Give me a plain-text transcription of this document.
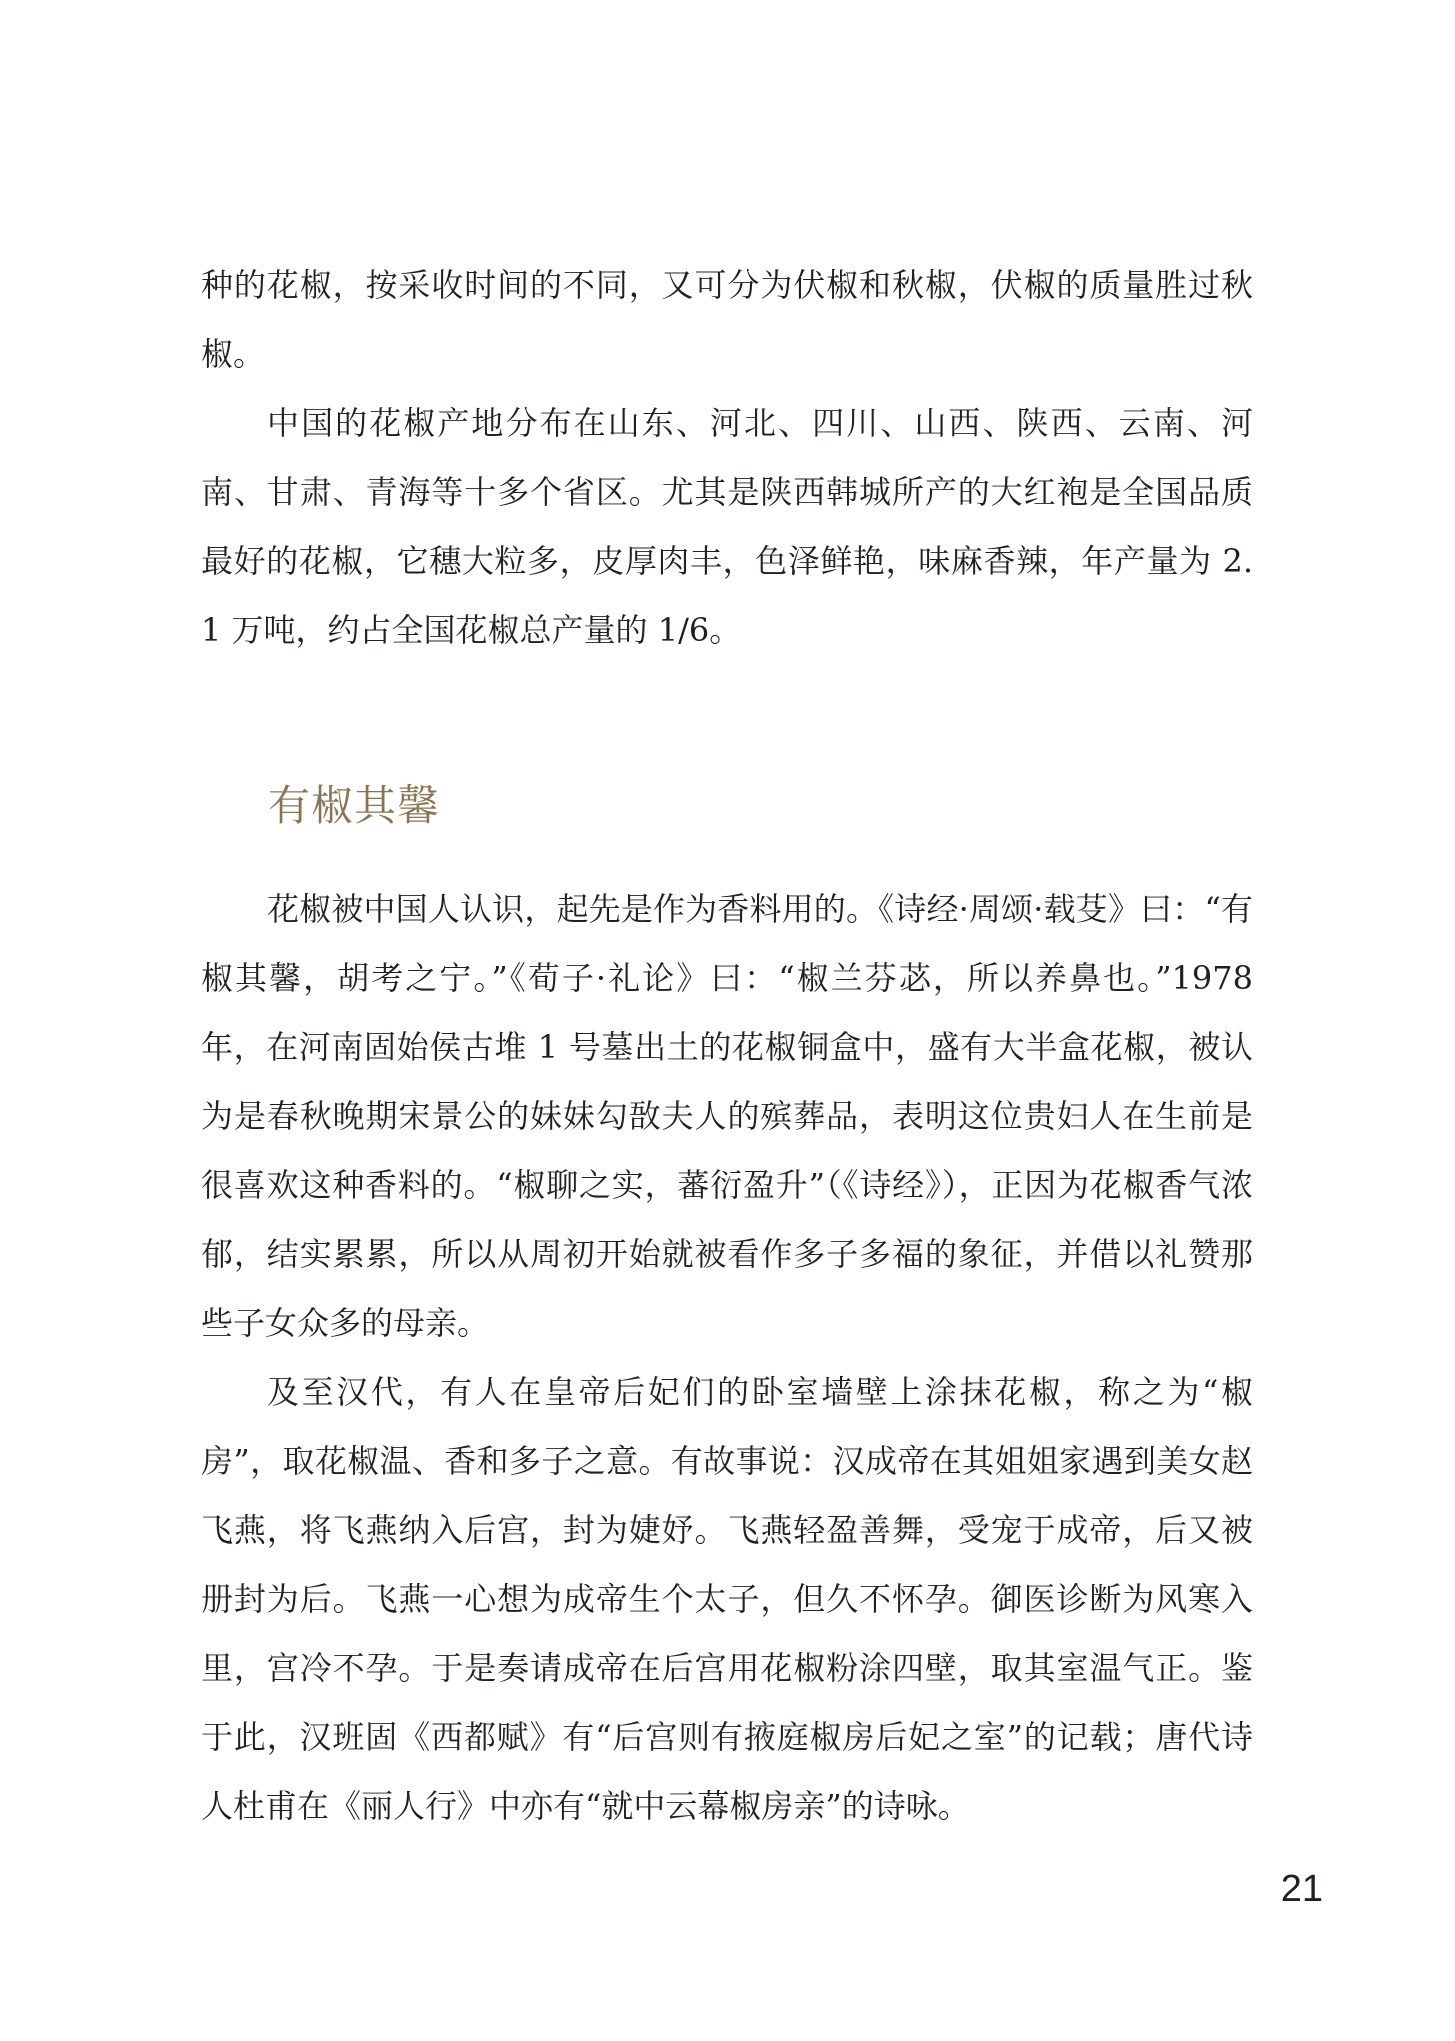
种的花椒，按采收时间的不同，又可分为伏椒和秋椒，伏椒的质量胜过秋椒。

中国的花椒产地分布在山东、河北、四川、山西、陕西、云南、河南、甘肃、青海等十多个省区。尤其是陕西韩城所产的大红袍是全国品质最好的花椒，它穗大粒多，皮厚肉丰，色泽鲜艳，味麻香辣，年产量为 2.1 万吨，约占全国花椒总产量的 1/6。

有椒其馨

花椒被中国人认识，起先是作为香料用的。《诗经·周颂·载芟》曰：“有椒其馨，胡考之宁。”《荀子·礼论》曰：“椒兰芬苾，所以养鼻也。”1978 年，在河南固始侯古堆 1 号墓出土的花椒铜盒中，盛有大半盒花椒，被认为是春秋晚期宋景公的妹妹勾敔夫人的殡葬品，表明这位贵妇人在生前是很喜欢这种香料的。“椒聊之实，蕃衍盈升”（《诗经》），正因为花椒香气浓郁，结实累累，所以从周初开始就被看作多子多福的象征，并借以礼赞那些子女众多的母亲。

及至汉代，有人在皇帝后妃们的卧室墙壁上涂抹花椒，称之为“椒房”，取花椒温、香和多子之意。有故事说：汉成帝在其姐姐家遇到美女赵飞燕，将飞燕纳入后宫，封为婕妤。飞燕轻盈善舞，受宠于成帝，后又被册封为后。飞燕一心想为成帝生个太子，但久不怀孕。御医诊断为风寒入里，宫冷不孕。于是奏请成帝在后宫用花椒粉涂四壁，取其室温气正。鉴于此，汉班固《西都赋》有“后宫则有掖庭椒房后妃之室”的记载；唐代诗人杜甫在《丽人行》中亦有“就中云幕椒房亲”的诗咏。

21
